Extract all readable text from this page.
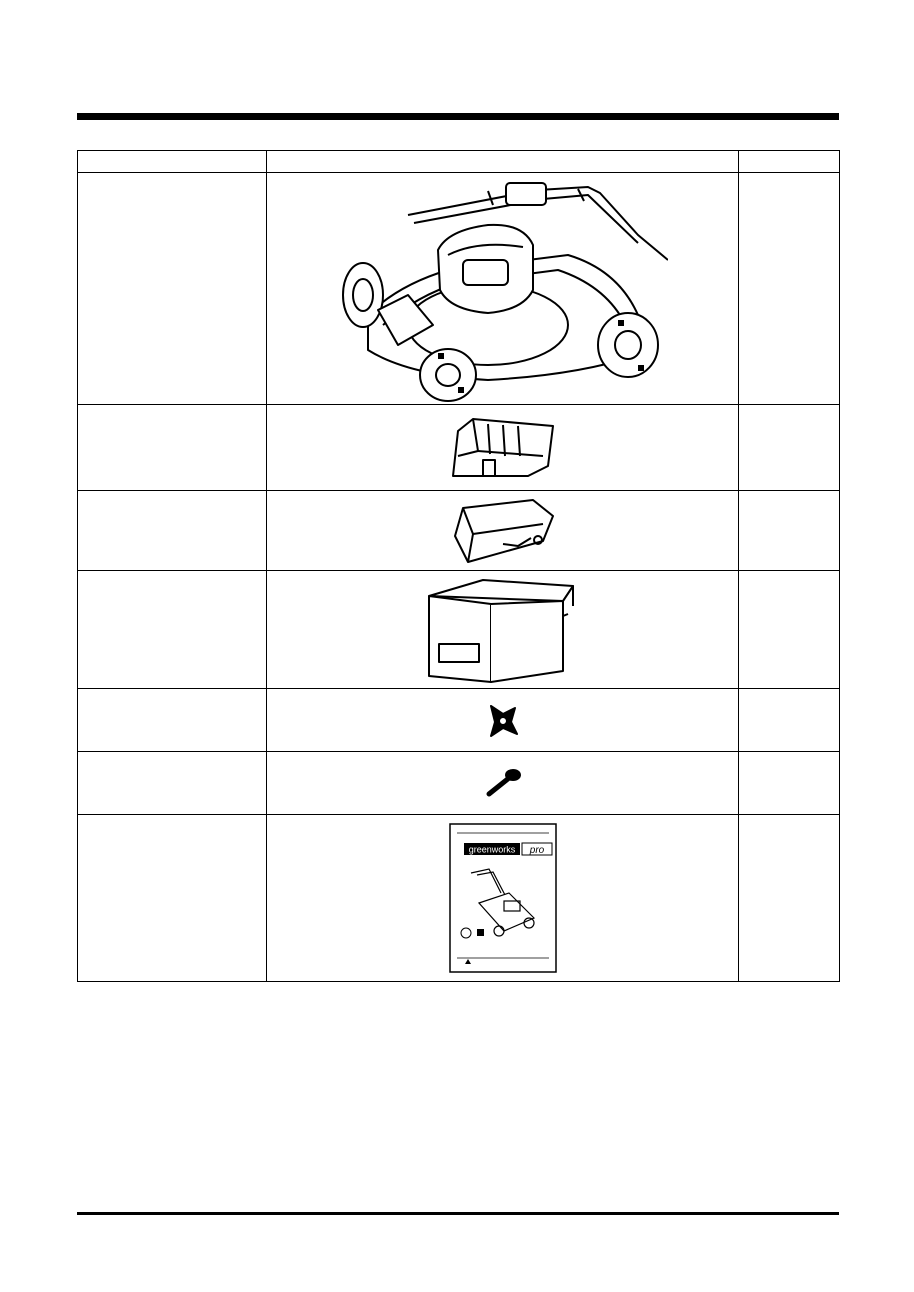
greenworks pro	
